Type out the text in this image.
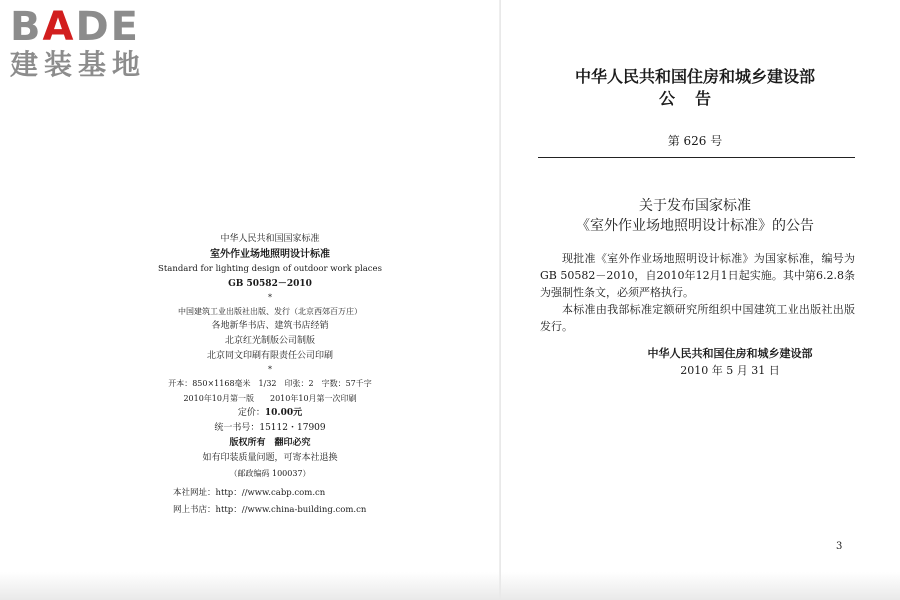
B A D E
建装基地
中华人民共和国国家标准
室外作业场地照明设计标准
Standard for lighting design of outdoor work places
GB 50582－2010
*
中国建筑工业出版社出版、发行（北京西郊百万庄）
各地新华书店、建筑书店经销
北京红光制版公司制版
北京同文印刷有限责任公司印刷
*
开本：850×1168毫米　1/32　印张：2　字数：57千字
2010年10月第一版　　2010年10月第一次印刷
定价：10.00元
统一书号：15112・17909
版权所有　翻印必究
如有印装质量问题，可寄本社退换
（邮政编码 100037）
本社网址：http：//www.cabp.com.cn
网上书店：http：//www.china-building.com.cn
中华人民共和国住房和城乡建设部
公告
第 626 号
关于发布国家标准
《室外作业场地照明设计标准》的公告

现批准《室外作业场地照明设计标准》为国家标准，编号为GB 50582－2010，自2010年12月1日起实施。其中第6.2.8条为强制性条文，必须严格执行。

本标准由我部标准定额研究所组织中国建筑工业出版社出版发行。

中华人民共和国住房和城乡建设部
2010 年 5 月 31 日
3
